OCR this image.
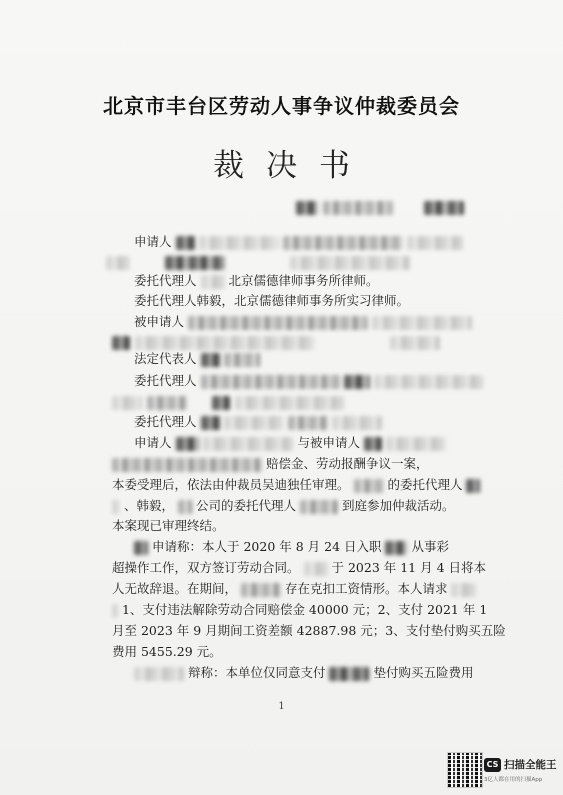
北京市丰台区劳动人事争议仲裁委员会
裁决书

申请人

委托代理人	北京儒德律师事务所律师。
委托代理人韩毅，北京儒德律师事务所实习律师。
被申请人

法定代表人
委托代理人

委托代理人
申请人	与被申请人
赔偿金、劳动报酬争议一案，
本委受理后，依法由仲裁员吴迪独任审理。	的委托代理人
、韩毅， 公司的委托代理人	到庭参加仲裁活动。
本案现已审理终结。
申请称：本人于 2020 年 8 月 24 日入职 从事彩
超操作工作，双方签订劳动合同。	于 2023 年 11 月 4 日将本
人无故辞退。在期间，	存在克扣工资情形。本人请求
1、支付违法解除劳动合同赔偿金 40000 元；2、支付 2021 年 1
月至 2023 年 9 月期间工资差额 42887.98 元；3、支付垫付购买五险
费用 5455.29 元。
辩称：本单位仅同意支付	垫付购买五险费用
1
CS 扫描全能王
3亿人都在用的扫描App
